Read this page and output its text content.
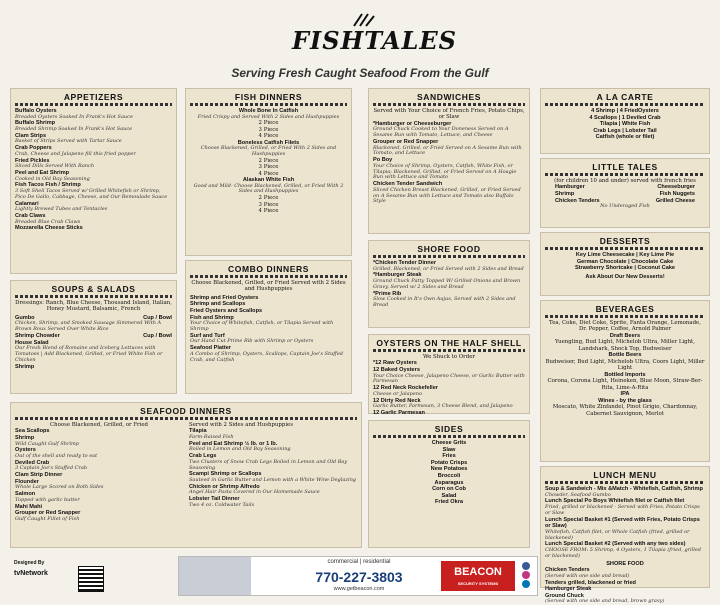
FISHTALES
Serving Fresh Caught Seafood From the Gulf
APPETIZERS
Buffalo Oysters
Breaded Oysters Soaked In Frank's Hot Sauce
Buffalo Shrimp
Breaded Shrimp Soaked In Frank's Hot Sauce
Clam Strips
Basket of Strips Served with Tartar Sauce
Crab Poppers
Crab, Cheese and Jalapeno fill this fried popper
Fried Pickles
Sliced Dills Served With Ranch
Peel and Eat Shrimp
Cooked in Old Bay Seasoning
Fish Tacos Fish / Shrimp
3 Soft Shell Tacos Served w/ Grilled Whitefish or Shrimp, Pico De Gallo, Cabbage, Cheese, and Our Remoulade Sauce
Calamari
Lightly Brewed Tubes and Tentacles
Crab Claws
Breaded Blue Crab Claws
Mozzarella Cheese Sticks
SOUPS & SALADS
Dressings: Ranch, Blue Cheese, Thousand Island, Italian, Honey Mustard, Balsamic, French
Gumbo	Cup / Bowl
Chicken, Shrimp, and Smoked Sausage Simmered With A Brown Roux Served Over White Rice
Shrimp Chowder	Cup / Bowl
House Salad
Our Fresh Blend of Romaine and Iceberg Lettuces with Tomatoes | Add Blackened, Grilled, or Fried White Fish or Chicken
Shrimp
FISH DINNERS
Whole Bone In Catfish
Fried Crispy and Served With 2 Sides and Hushpuppies
2 Piece
3 Piece
4 Piece
Boneless Catfish Filets
Choose Blackened, Grilled, or Fried With 2 Sides and Hushpuppies
2 Piece
3 Piece
4 Piece
Alaskan White Fish
Good and Mild- Choose Blackened, Grilled, or Fried With 2 Sides and Hushpuppies
2 Piece
3 Piece
4 Piece
COMBO DINNERS
Choose Blackened, Grilled, or Fried Served with 2 Sides and Hushpuppies
Shrimp and Fried Oysters
Shrimp and Scallops
Fried Oysters and Scallops
Fish and Shrimp
Your Choice of Whitefish, Catfish, or Tilapia Served with Shrimp
Surf and Turf
Our Hand Cut Prime Rib with Shrimp or Oysters
Seafood Platter
A Combo of Shrimp, Oysters, Scallops, Captain Joe's Stuffed Crab, and Catfish
SEAFOOD DINNERS
Choose Blackened, Grilled, or Fried
Sea Scallops
Shrimp
Wild Caught Gulf Shrimp
Oysters
Out of the shell and ready to eat
Deviled Crab
3 Captain Joe's Stuffed Crab
Clam Strip Dinner
Flounder
Whole Large Scored on Both Sides
Salmon
Topped with garlic butter
Mahi Mahi
Grouper or Red Snapper
Gulf Caught Fillet of Fish
Served with 2 Sides and Hushpuppies
Tilapia
Farm-Raised Fish
Peel and Eat Shrimp ½ lb. or 1 lb.
Boiled in Lemon and Old Bay Seasoning
Crab Legs
Two Clusters of Snow Crab Legs Boiled in Lemon and Old Bay Seasoning
Scampi Shrimp or Scallops
Sauteed in Garlic Butter and Lemon with a White Wine Deglazing
Chicken or Shrimp Alfredo
Angel Hair Pasta Covered in Our Homemade Sauce
Lobster Tail Dinner
Two 4 oz. Coldwater Tails
SANDWICHES
Served with Your Choice of French Fries, Potato Chips, or Slaw
*Hamburger or Cheeseburger
Ground Chuck Cooked to Your Doneness Served on A Sesame Bun with Tomato, Lettuce, and Cheese
Grouper or Red Snapper
Blackened, Grilled, or Fried Served on A Sesame Bun with Tomato, and Lettuce
Po Boy
Your Choice of Shrimp, Oysters, Catfish, White Fish, or Tilapia; Blackened, Grilled, or Fried Served on A Hoagie Bun with Lettuce and Tomato
Chicken Tender Sandwich
Sliced Chicken Breast Blackened, Grilled, or Fried Served on A Sesame Bun with Lettuce and Tomato also Buffalo Style
SHORE FOOD
*Chicken Tender Dinner
Grilled, Blackened, or Fried Served with 2 Sides and Bread
*Hamburger Steak
Ground Chuck Patty Topped W/ Grilled Onions and Brown Gravy, Served w/ 2 Sides and Bread
*Prime Rib
Slow Cooked in It's Own Aujus, Served with 2 Sides and Bread
OYSTERS ON THE HALF SHELL
We Shuck to Order
*12 Raw Oysters
12 Baked Oysters
Your Choice Cheese, Jalapeno Cheese, or Garlic Butter with Parmesan
12 Red Neck Rockefeller
Cheese or Jalapeno
12 Dirty Red Neck
Garlic Butter, Parmesan, 3 Cheese Blend, and Jalapeno
12 Garlic Parmesan
SIDES
Cheese Grits
Slaw
Fries
Potato Crisps
New Potatoes
Broccoli
Asparagus
Corn on Cob
Salad
Fried Okra
A LA CARTE
4 Shrimp | 4 FriedOysters
4 Scallops | 1 Deviled Crab
Tilapia | White Fish
Crab Legs | Lobster Tail
Catfish (whole or filet)
LITTLE TALES
(for children 10 and under) served with french fries
Hamburger	Cheeseburger
Shrimp	Fish Nuggets
Chicken Tenders	Grilled Cheese
No Underaged Fish
DESSERTS
Key Lime Cheesecake | Key Lime Pie
German Chocolate | Chocolate Cake
Strawberry Shortcake | Coconut Cake
Ask About Our New Desserts!
BEVERAGES
Tea, Coke, Diet Coke, Sprite, Fanta Orange, Lemonade, Dr. Pepper, Coffee, Arnold Palmer
Draft Beers
Yuengling, Bud Light, Michelob Ultra, Miller Light, Landshark, Shock Top, Budweiser
Bottle Beers
Budweiser, Bud Light, Michelob Ultra, Coors Light, Miller Light
Bottled Imports
Corona, Corona Light, Heineken, Blue Moon, Straw-Ber-Rita, Lime-A-Rita
IPA
Wines - by the glass
Moscato, White Zinfandel, Pinot Grigio, Chardonnay, Cabernet Sauvignon, Merlot
LUNCH MENU
Soup & Sandwich - Mix &Match - Whitefish, Catfish, Shrimp
Chowder, Seafood Gumbo
Lunch Special Po Boys Whitefish filet or Catfish filet
Fried, grilled or blackened - Served with Fries, Potato Crisps or Slaw
Lunch Special Basket #1 (Served with Fries, Potato Crisps or Slaw)
Whitefish, Catfish filet, or Whole Catfish (fried, grilled or blackened)
Lunch Special Basket #2 (Served with any two sides)
CHOOSE FROM: 5 Shrimp, 4 Oysters, 1 Tilapia (fried, grilled or blackened)
SHORE FOOD
Chicken Tenders
(Served with one side and bread)
Tenders grilled, blackened or fried
Hamburger Steak
Ground Chuck
(Served with one side and bread, brown gravy)
Designed By
tvNetwork
commercial | residential
770-227-3803
www.getbeacon.com
BEACON
SECURITY SYSTEMS
